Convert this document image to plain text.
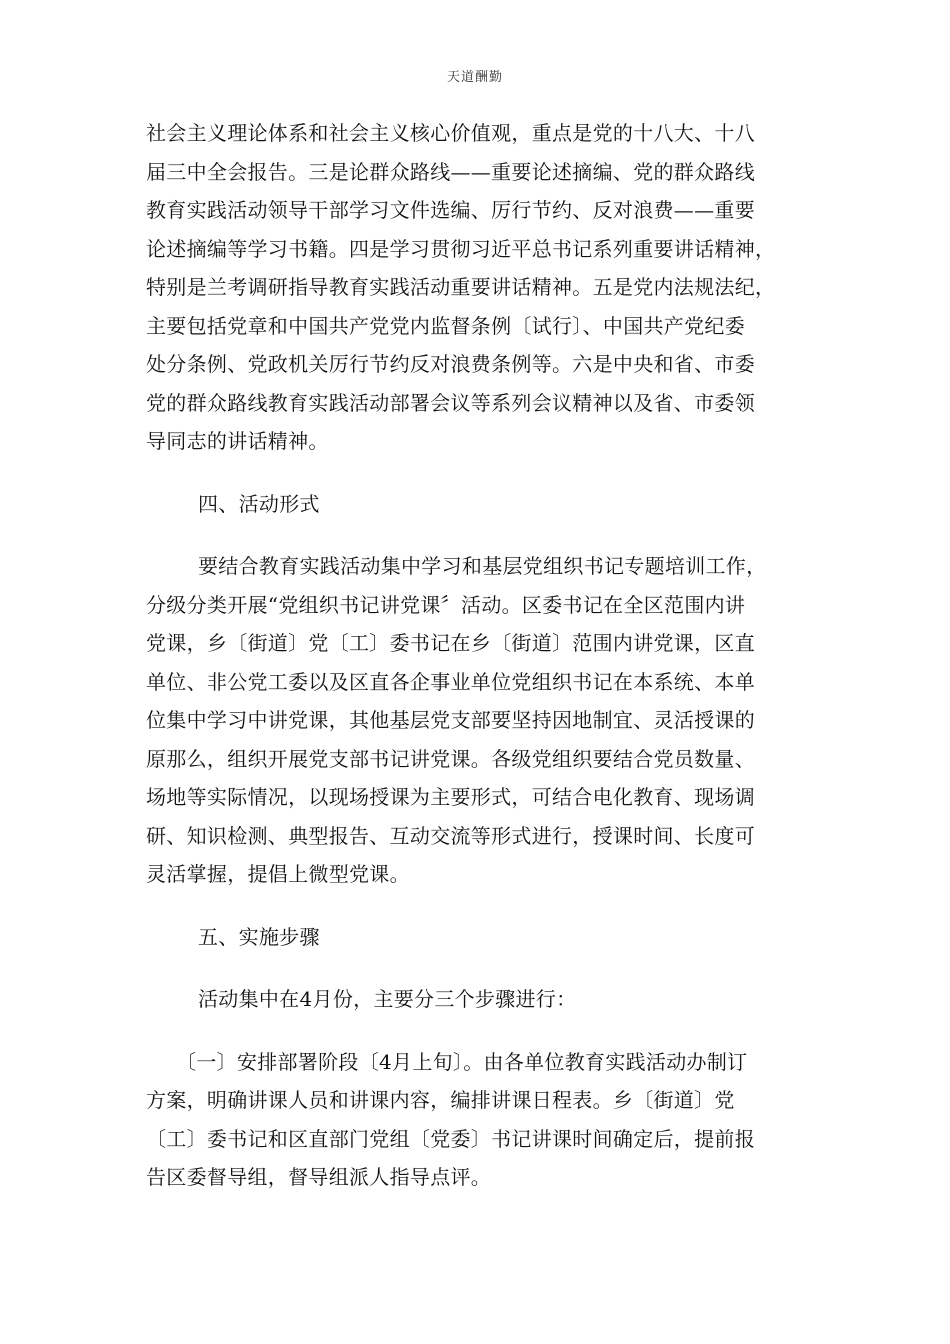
天道酬勤

社会主义理论体系和社会主义核心价值观，重点是党的十八大、十八
届三中全会报告。三是论群众路线——重要论述摘编、党的群众路线
教育实践活动领导干部学习文件选编、厉行节约、反对浪费——重要
论述摘编等学习书籍。四是学习贯彻习近平总书记系列重要讲话精神，
特别是兰考调研指导教育实践活动重要讲话精神。五是党内法规法纪，
主要包括党章和中国共产党党内监督条例〔试行〕、中国共产党纪委
处分条例、党政机关厉行节约反对浪费条例等。六是中央和省、市委
党的群众路线教育实践活动部署会议等系列会议精神以及省、市委领
导同志的讲话精神。

四、活动形式

要结合教育实践活动集中学习和基层党组织书记专题培训工作，
分级分类开展“党组织书记讲党课〞活动。区委书记在全区范围内讲
党课，乡〔街道〕党〔工〕委书记在乡〔街道〕范围内讲党课，区直
单位、非公党工委以及区直各企事业单位党组织书记在本系统、本单
位集中学习中讲党课，其他基层党支部要坚持因地制宜、灵活授课的
原那么，组织开展党支部书记讲党课。各级党组织要结合党员数量、
场地等实际情况，以现场授课为主要形式，可结合电化教育、现场调
研、知识检测、典型报告、互动交流等形式进行，授课时间、长度可
灵活掌握，提倡上微型党课。

五、实施步骤

活动集中在4月份，主要分三个步骤进行：

〔一〕安排部署阶段〔4月上旬〕。由各单位教育实践活动办制订
方案，明确讲课人员和讲课内容，编排讲课日程表。乡〔街道〕党
〔工〕委书记和区直部门党组〔党委〕书记讲课时间确定后，提前报
告区委督导组，督导组派人指导点评。
